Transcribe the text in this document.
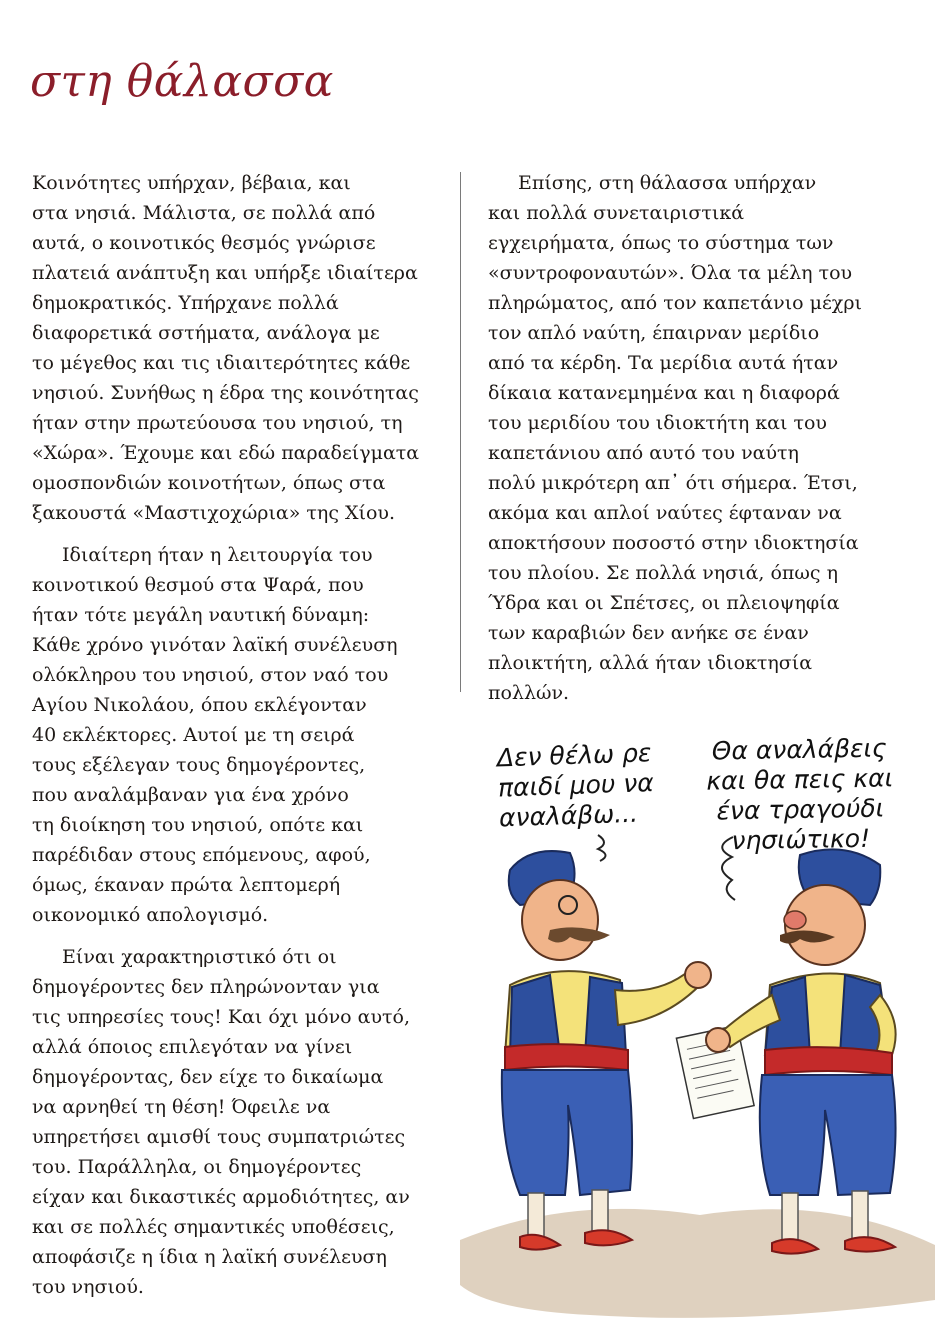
στη θάλασσα

Κοινότητες υπήρχαν, βέβαια, και

στα νησιά. Μάλιστα, σε πολλά από

αυτά, ο κοινοτικός θεσμός γνώρισε

πλατειά ανάπτυξη και υπήρξε ιδιαίτερα

δημοκρατικός. Υπήρχανε πολλά

διαφορετικά σστήματα, ανάλογα με

το μέγεθος και τις ιδιαιτερότητες κάθε

νησιού. Συνήθως η έδρα της κοινότητας

ήταν στην πρωτεύουσα του νησιού, τη

«Χώρα». Έχουμε και εδώ παραδείγματα

ομοσπονδιών κοινοτήτων, όπως στα

ξακουστά «Μαστιχοχώρια» της Χίου.

Ιδιαίτερη ήταν η λειτουργία του

κοινοτικού θεσμού στα Ψαρά, που

ήταν τότε μεγάλη ναυτική δύναμη:

Κάθε χρόνο γινόταν λαϊκή συνέλευση

ολόκληρου του νησιού, στον ναό του

Αγίου Νικολάου, όπου εκλέγονταν

40 εκλέκτορες. Αυτοί με τη σειρά

τους εξέλεγαν τους δημογέροντες,

που αναλάμβαναν για ένα χρόνο

τη διοίκηση του νησιού, οπότε και

παρέδιδαν στους επόμενους, αφού,

όμως, έκαναν πρώτα λεπτομερή

οικονομικό απολογισμό.

Είναι χαρακτηριστικό ότι οι

δημογέροντες δεν πληρώνονταν για

τις υπηρεσίες τους! Και όχι μόνο αυτό,

αλλά όποιος επιλεγόταν να γίνει

δημογέροντας, δεν είχε το δικαίωμα

να αρνηθεί τη θέση! Όφειλε να

υπηρετήσει αμισθί τους συμπατριώτες

του. Παράλληλα, οι δημογέροντες

είχαν και δικαστικές αρμοδιότητες, αν

και σε πολλές σημαντικές υποθέσεις,

αποφάσιζε η ίδια η λαϊκή συνέλευση

του νησιού.

Επίσης, στη θάλασσα υπήρχαν

και πολλά συνεταιριστικά

εγχειρήματα, όπως το σύστημα των

«συντροφοναυτών». Όλα τα μέλη του

πληρώματος, από τον καπετάνιο μέχρι

τον απλό ναύτη, έπαιρναν μερίδιο

από τα κέρδη. Τα μερίδια αυτά ήταν

δίκαια κατανεμημένα και η διαφορά

του μεριδίου του ιδιοκτήτη και του

καπετάνιου από αυτό του ναύτη

πολύ μικρότερη απ᾽ ότι σήμερα. Έτσι,

ακόμα και απλοί ναύτες έφταναν να

αποκτήσουν ποσοστό στην ιδιοκτησία

του πλοίου. Σε πολλά νησιά, όπως η

Ύδρα και οι Σπέτσες, οι πλειοψηφία

των καραβιών δεν ανήκε σε έναν

πλοικτήτη, αλλά ήταν ιδιοκτησία

πολλών.

Δεν θέλω ρε
παιδί μου να
αναλάβω...
Θα αναλάβεις
και θα πεις και
ένα τραγούδι
νησιώτικο!
